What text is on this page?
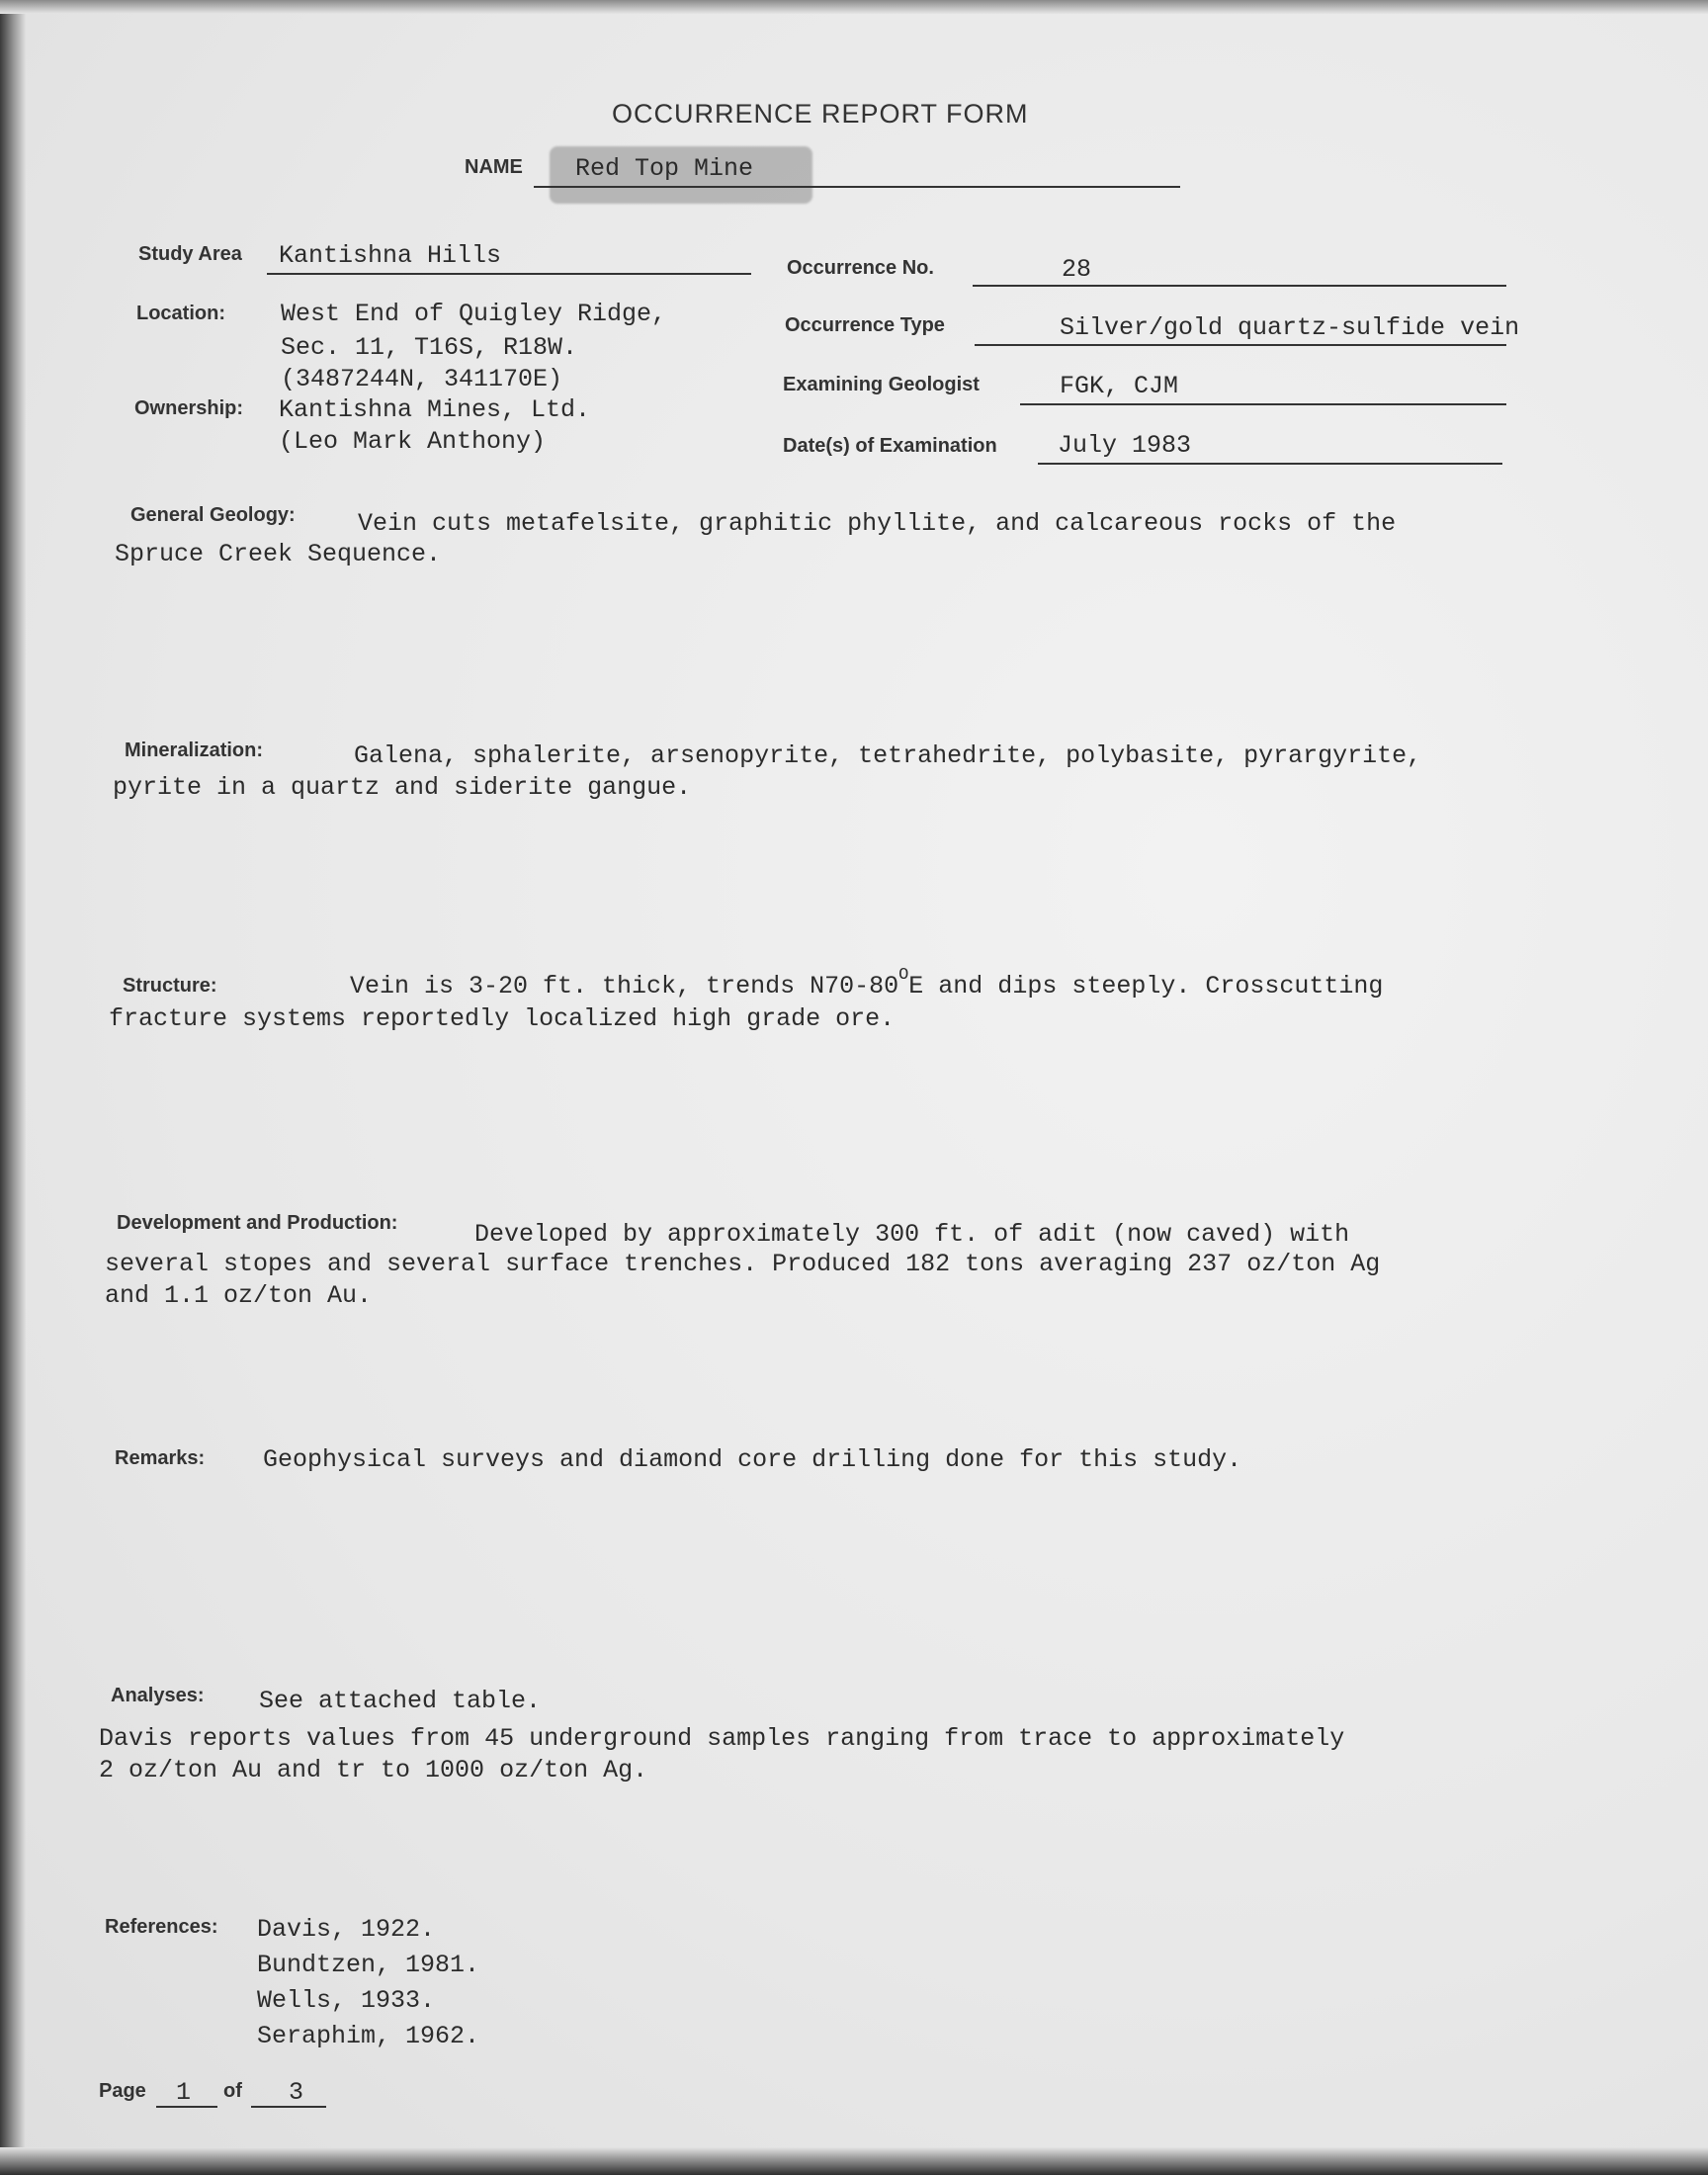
OCCURRENCE REPORT FORM
NAME Red Top Mine
Study Area Kantishna Hills	Occurrence No.	28
Location: West End of Quigley Ridge,
Sec. 11, T16S, R18W.
(3487244N, 341170E)
Occurrence Type	Silver/gold quartz-sulfide vein
Examining Geologist	FGK, CJM
Ownership: Kantishna Mines, Ltd.
(Leo Mark Anthony)	Date(s) of Examination July 1983
General Geology:	Vein cuts metafelsite, graphitic phyllite, and calcareous rocks of the
Spruce Creek Sequence.
Mineralization:	Galena, sphalerite, arsenopyrite, tetrahedrite, polybasite, pyrargyrite,
pyrite in a quartz and siderite gangue.
Structure:	Vein is 3-20 ft. thick, trends $N70-80^OE$ and dips steeply. Crosscutting
fracture systems reportedly localized high grade ore.
Development and Production:	Developed by approximately 300 ft. of adit (now caved) with
several stopes and several surface trenches. Produced 182 tons averaging 237 oz/ton Ag
and 1.1 oz/ton Au.
Remarks: Geophysical surveys and diamond core drilling done for this study.
Analyses: See attached table.
Davis reports values from 45 underground samples ranging from trace to approximately
2 oz/ton Au and tr to 1000 oz/ton Ag.
References: Davis, 1922.
Bundtzen, 1981.
Wells, 1933.
Seraphim, 1962.
Page 1 of 3
